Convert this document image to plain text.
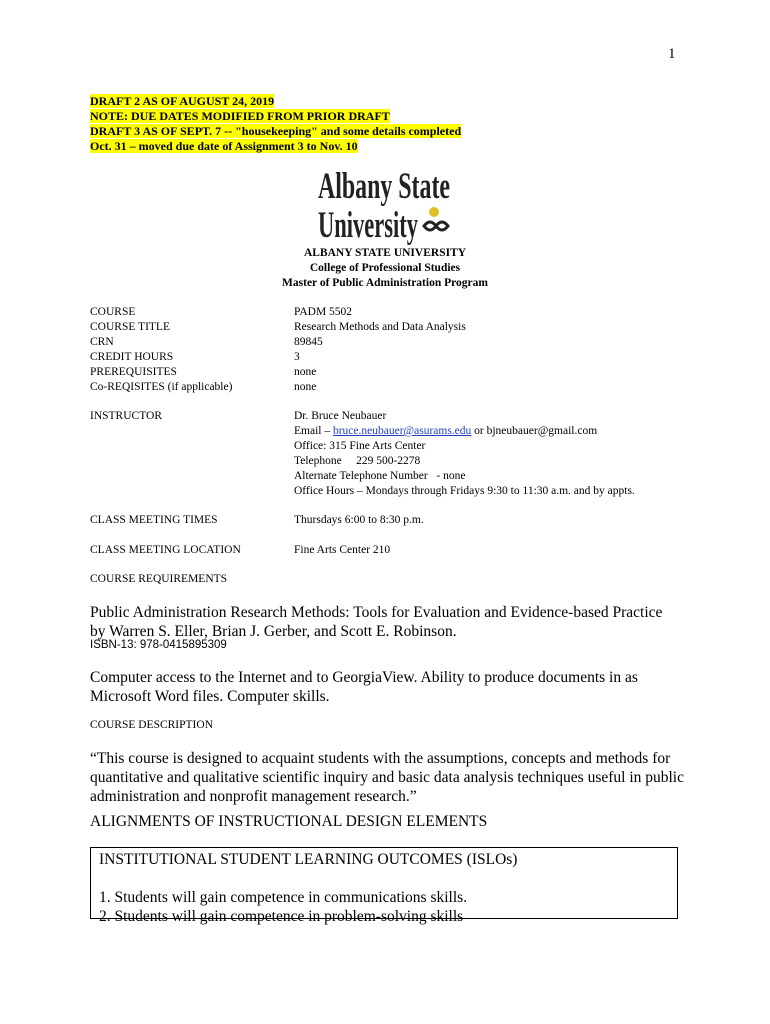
1
DRAFT 2 AS OF AUGUST 24, 2019
NOTE: DUE DATES MODIFIED FROM PRIOR DRAFT
DRAFT 3 AS OF SEPT. 7 -- "housekeeping" and some details completed
Oct. 31 – moved due date of Assignment 3 to Nov. 10
Albany State
University
ALBANY STATE UNIVERSITY
College of Professional Studies
Master of Public Administration Program
COURSE	PADM 5502
COURSE TITLE	Research Methods and Data Analysis
CRN	89845
CREDIT HOURS	3
PREREQUISITES	none
Co-REQISITES (if applicable)	none
INSTRUCTOR	Dr. Bruce Neubauer
Email – bruce.neubauer@asurams.edu or bjneubauer@gmail.com
Office: 315 Fine Arts Center
Telephone     229 500-2278
Alternate Telephone Number   - none
Office Hours – Mondays through Fridays 9:30 to 11:30 a.m. and by appts.
CLASS MEETING TIMES	Thursdays 6:00 to 8:30 p.m.
CLASS MEETING LOCATION	Fine Arts Center 210
COURSE REQUIREMENTS
Public Administration Research Methods: Tools for Evaluation and Evidence-based Practice
by Warren S. Eller, Brian J. Gerber, and Scott E. Robinson.
ISBN-13: 978-0415895309
Computer access to the Internet and to GeorgiaView. Ability to produce documents in as
Microsoft Word files. Computer skills.
COURSE DESCRIPTION
“This course is designed to acquaint students with the assumptions, concepts and methods for
quantitative and qualitative scientific inquiry and basic data analysis techniques useful in public
administration and nonprofit management research.”
ALIGNMENTS OF INSTRUCTIONAL DESIGN ELEMENTS
INSTITUTIONAL STUDENT LEARNING OUTCOMES (ISLOs)
1. Students will gain competence in communications skills.
2. Students will gain competence in problem-solving skills
